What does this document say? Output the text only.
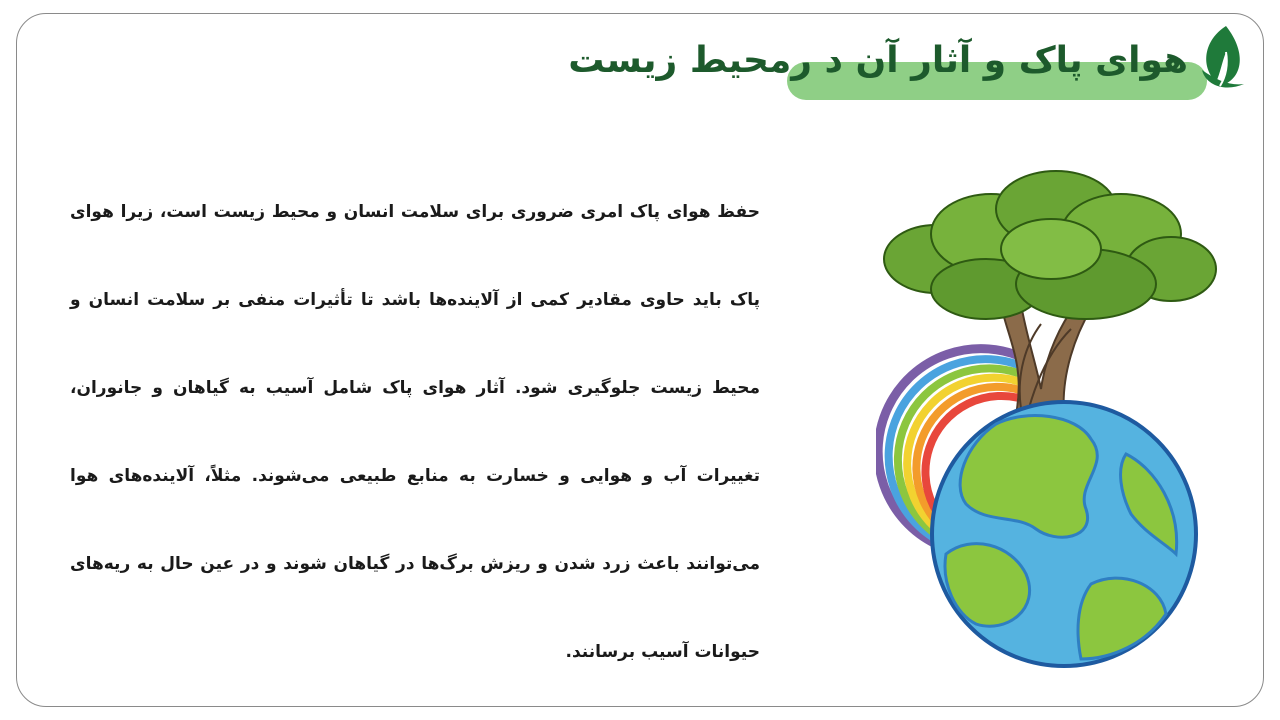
هوای پاک و آثار آن د رمحیط زیست

حفظ هوای پاک امری ضروری برای سلامت انسان و محیط زیست است، زیرا هوای پاک باید حاوی مقادیر کمی از آلاینده‌ها باشد تا تأثیرات منفی بر سلامت انسان و محیط زیست جلوگیری شود. آثار هوای پاک شامل آسیب به گیاهان و جانوران، تغییرات آب و هوایی و خسارت به منابع طبیعی می‌شوند. مثلاً، آلاینده‌های هوا می‌توانند باعث زرد شدن و ریزش برگ‌ها در گیاهان شوند و در عین حال به ریه‌های حیوانات آسیب برسانند.
